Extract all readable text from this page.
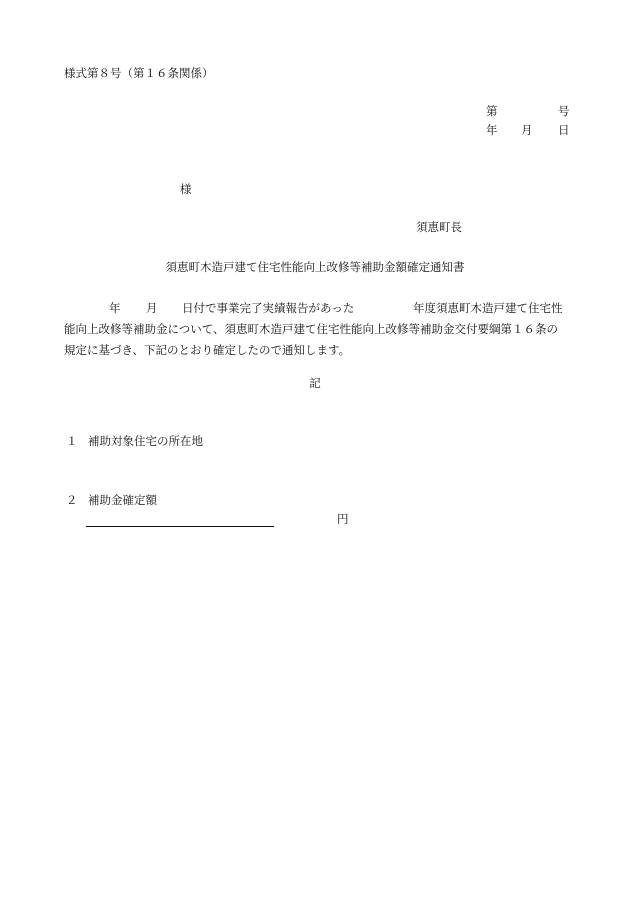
様式第８号（第１６条関係）
第	号
年 月 日
様
須恵町長
須恵町木造戸建て住宅性能向上改修等補助金額確定通知書
年 月 日付で事業完了実績報告があった	年度須恵町木造戸建て住宅性
能向上改修等補助金について、須恵町木造戸建て住宅性能向上改修等補助金交付要綱第１６条の
規定に基づき、下記のとおり確定したので通知します。
記
１ 補助対象住宅の所在地
２ 補助金確定額
円
